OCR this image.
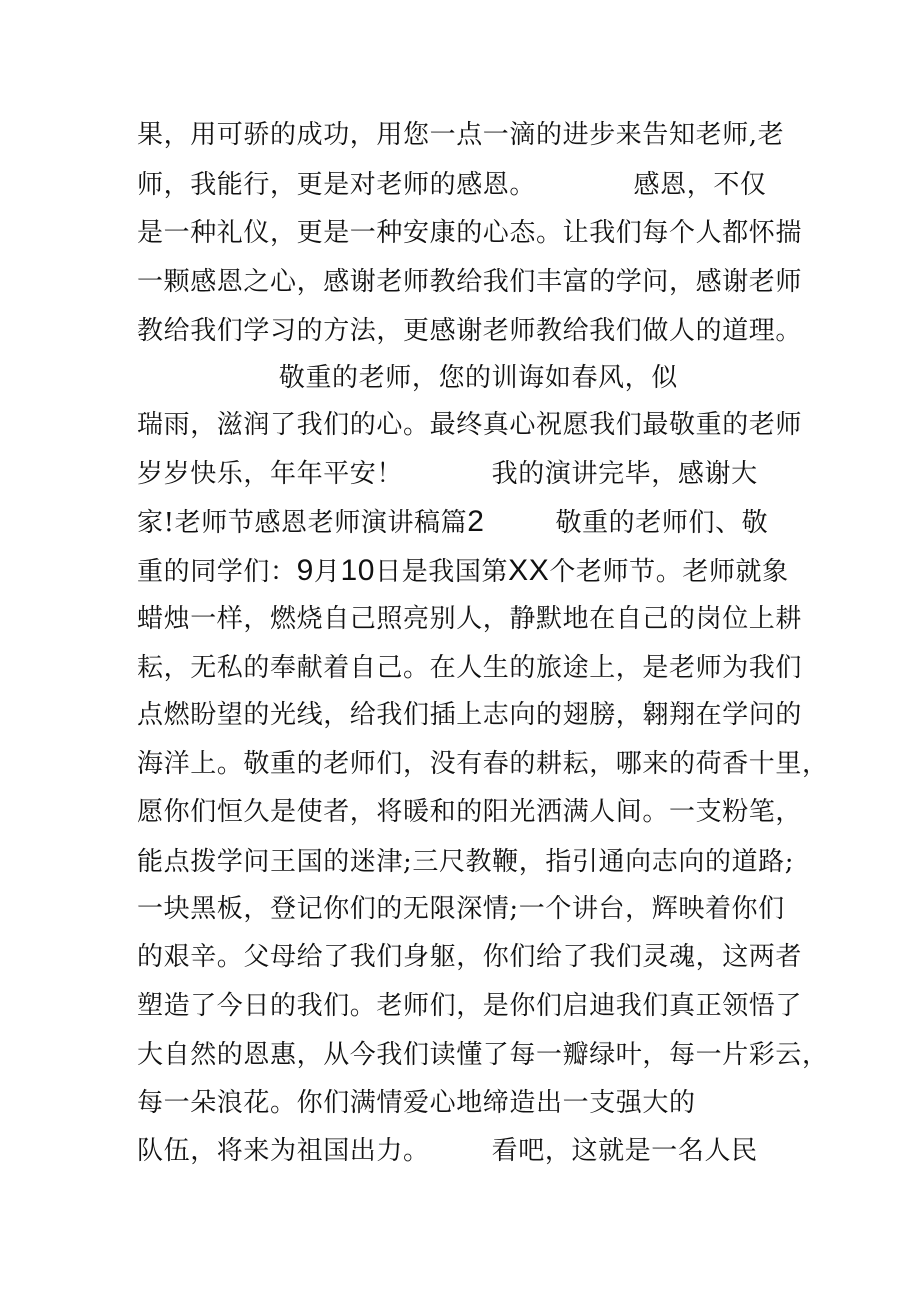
果，用可骄的成功，用您一点一滴的进步来告知老师,老
师，我能行，更是对老师的感恩。	感恩，不仅
是一种礼仪，更是一种安康的心态。让我们每个人都怀揣
一颗感恩之心，感谢老师教给我们丰富的学问，感谢老师
教给我们学习的方法，更感谢老师教给我们做人的道理。
敬重的老师，您的训诲如春风，似
瑞雨，滋润了我们的心。最终真心祝愿我们最敬重的老师
岁岁快乐，年年平安！	我的演讲完毕，感谢大
家!老师节感恩老师演讲稿篇2	敬重的老师们、敬
重的同学们：9月10日是我国第XX个老师节。老师就象
蜡烛一样，燃烧自己照亮别人，静默地在自己的岗位上耕
耘，无私的奉献着自己。在人生的旅途上，是老师为我们
点燃盼望的光线，给我们插上志向的翅膀，翱翔在学问的
海洋上。敬重的老师们，没有春的耕耘，哪来的荷香十里，
愿你们恒久是使者，将暖和的阳光洒满人间。一支粉笔，
能点拨学问王国的迷津;三尺教鞭，指引通向志向的道路;
一块黑板，登记你们的无限深情;一个讲台，辉映着你们
的艰辛。父母给了我们身躯，你们给了我们灵魂，这两者
塑造了今日的我们。老师们，是你们启迪我们真正领悟了
大自然的恩惠，从今我们读懂了每一瓣绿叶，每一片彩云，
每一朵浪花。你们满情爱心地缔造出一支强大的
队伍，将来为祖国出力。 看吧，这就是一名人民
